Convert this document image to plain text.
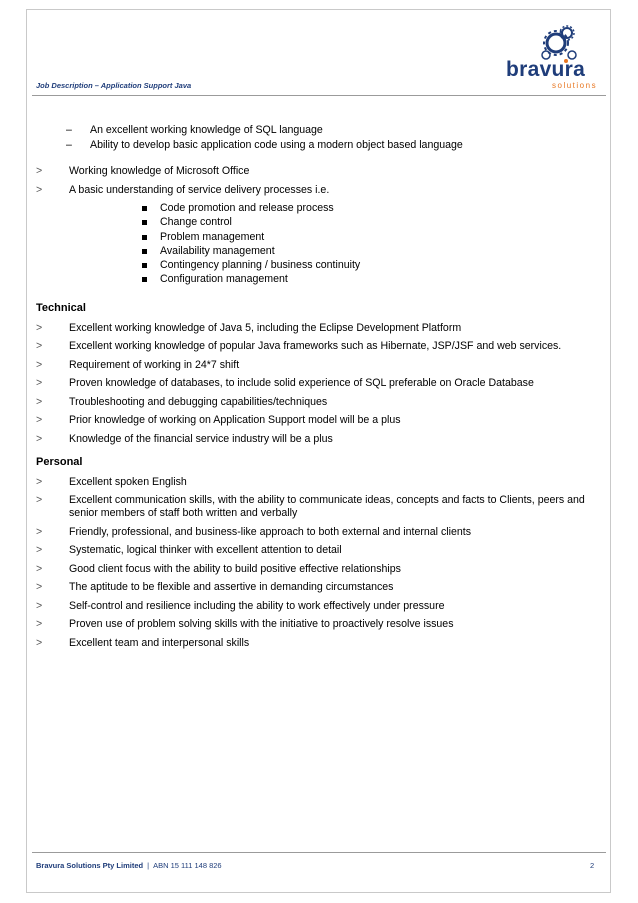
bravura
solutions
Job Description – Application Support Java
– An excellent working knowledge of SQL language
– Ability to develop basic application code using a modern object based language
>	Working knowledge of Microsoft Office
>	A basic understanding of service delivery processes i.e.
Code promotion and release process
Change control
Problem management
Availability management
Contingency planning / business continuity
Configuration management
Technical
>	Excellent working knowledge of Java 5, including the Eclipse Development Platform
>	Excellent working knowledge of popular Java frameworks such as Hibernate, JSP/JSF and web services.
>	Requirement of working in 24*7 shift
>	Proven knowledge of databases, to include solid experience of SQL preferable on Oracle Database
>	Troubleshooting and debugging capabilities/techniques
>	Prior knowledge of working on Application Support model will be a plus
>	Knowledge of the financial service industry will be a plus
Personal
>	Excellent spoken English
>	Excellent communication skills, with the ability to communicate ideas, concepts and facts to Clients, peers and senior members of staff both written and verbally
>	Friendly, professional, and business-like approach to both external and internal clients
>	Systematic, logical thinker with excellent attention to detail
>	Good client focus with the ability to build positive effective relationships
>	The aptitude to be flexible and assertive in demanding circumstances
>	Self-control and resilience including the ability to work effectively under pressure
>	Proven use of problem solving skills with the initiative to proactively resolve issues
>	Excellent team and interpersonal skills
Bravura Solutions Pty Limited | ABN 15 111 148 826	2
